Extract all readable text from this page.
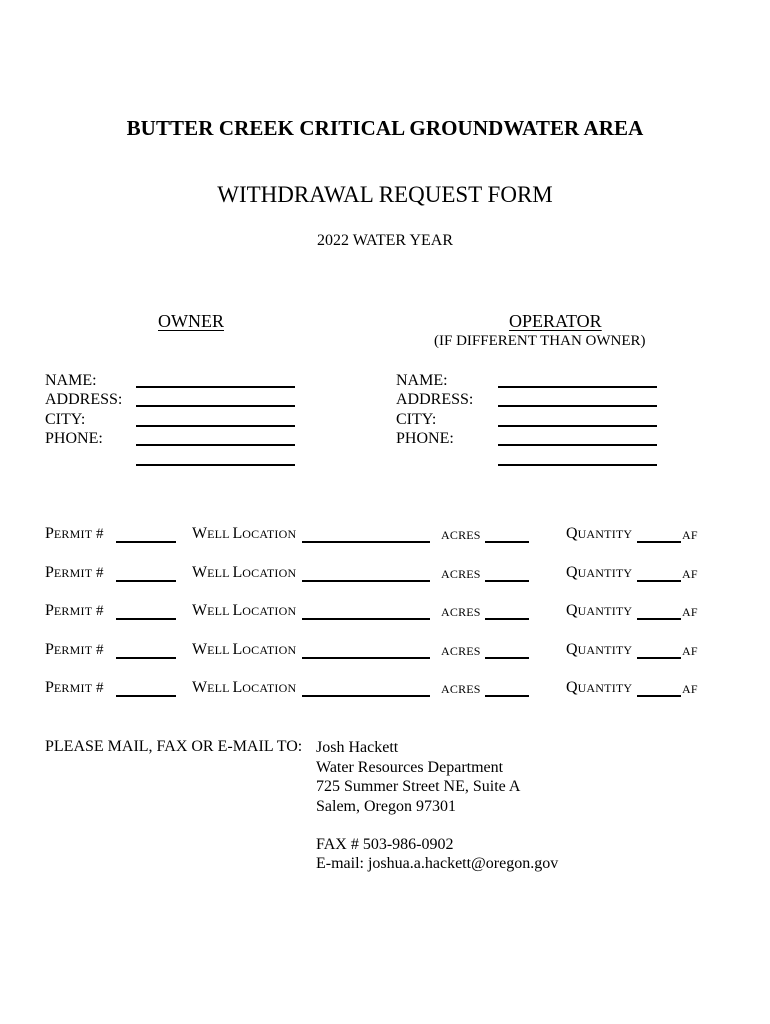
BUTTER CREEK CRITICAL GROUNDWATER AREA
WITHDRAWAL REQUEST FORM
2022 WATER YEAR
OWNER
NAME:
ADDRESS:
CITY:
PHONE:
OPERATOR
(IF DIFFERENT THAN OWNER)
NAME:
ADDRESS:
CITY:
PHONE:
PERMIT #	WELL LOCATION	ACRES	QUANTITY	AF
PERMIT #	WELL LOCATION	ACRES	QUANTITY	AF
PERMIT #	WELL LOCATION	ACRES	QUANTITY	AF
PERMIT #	WELL LOCATION	ACRES	QUANTITY	AF
PERMIT #	WELL LOCATION	ACRES	QUANTITY	AF
PLEASE MAIL, FAX OR E-MAIL TO: Josh Hackett
Water Resources Department
725 Summer Street NE, Suite A
Salem, Oregon 97301
FAX # 503-986-0902
E-mail: joshua.a.hackett@oregon.gov
